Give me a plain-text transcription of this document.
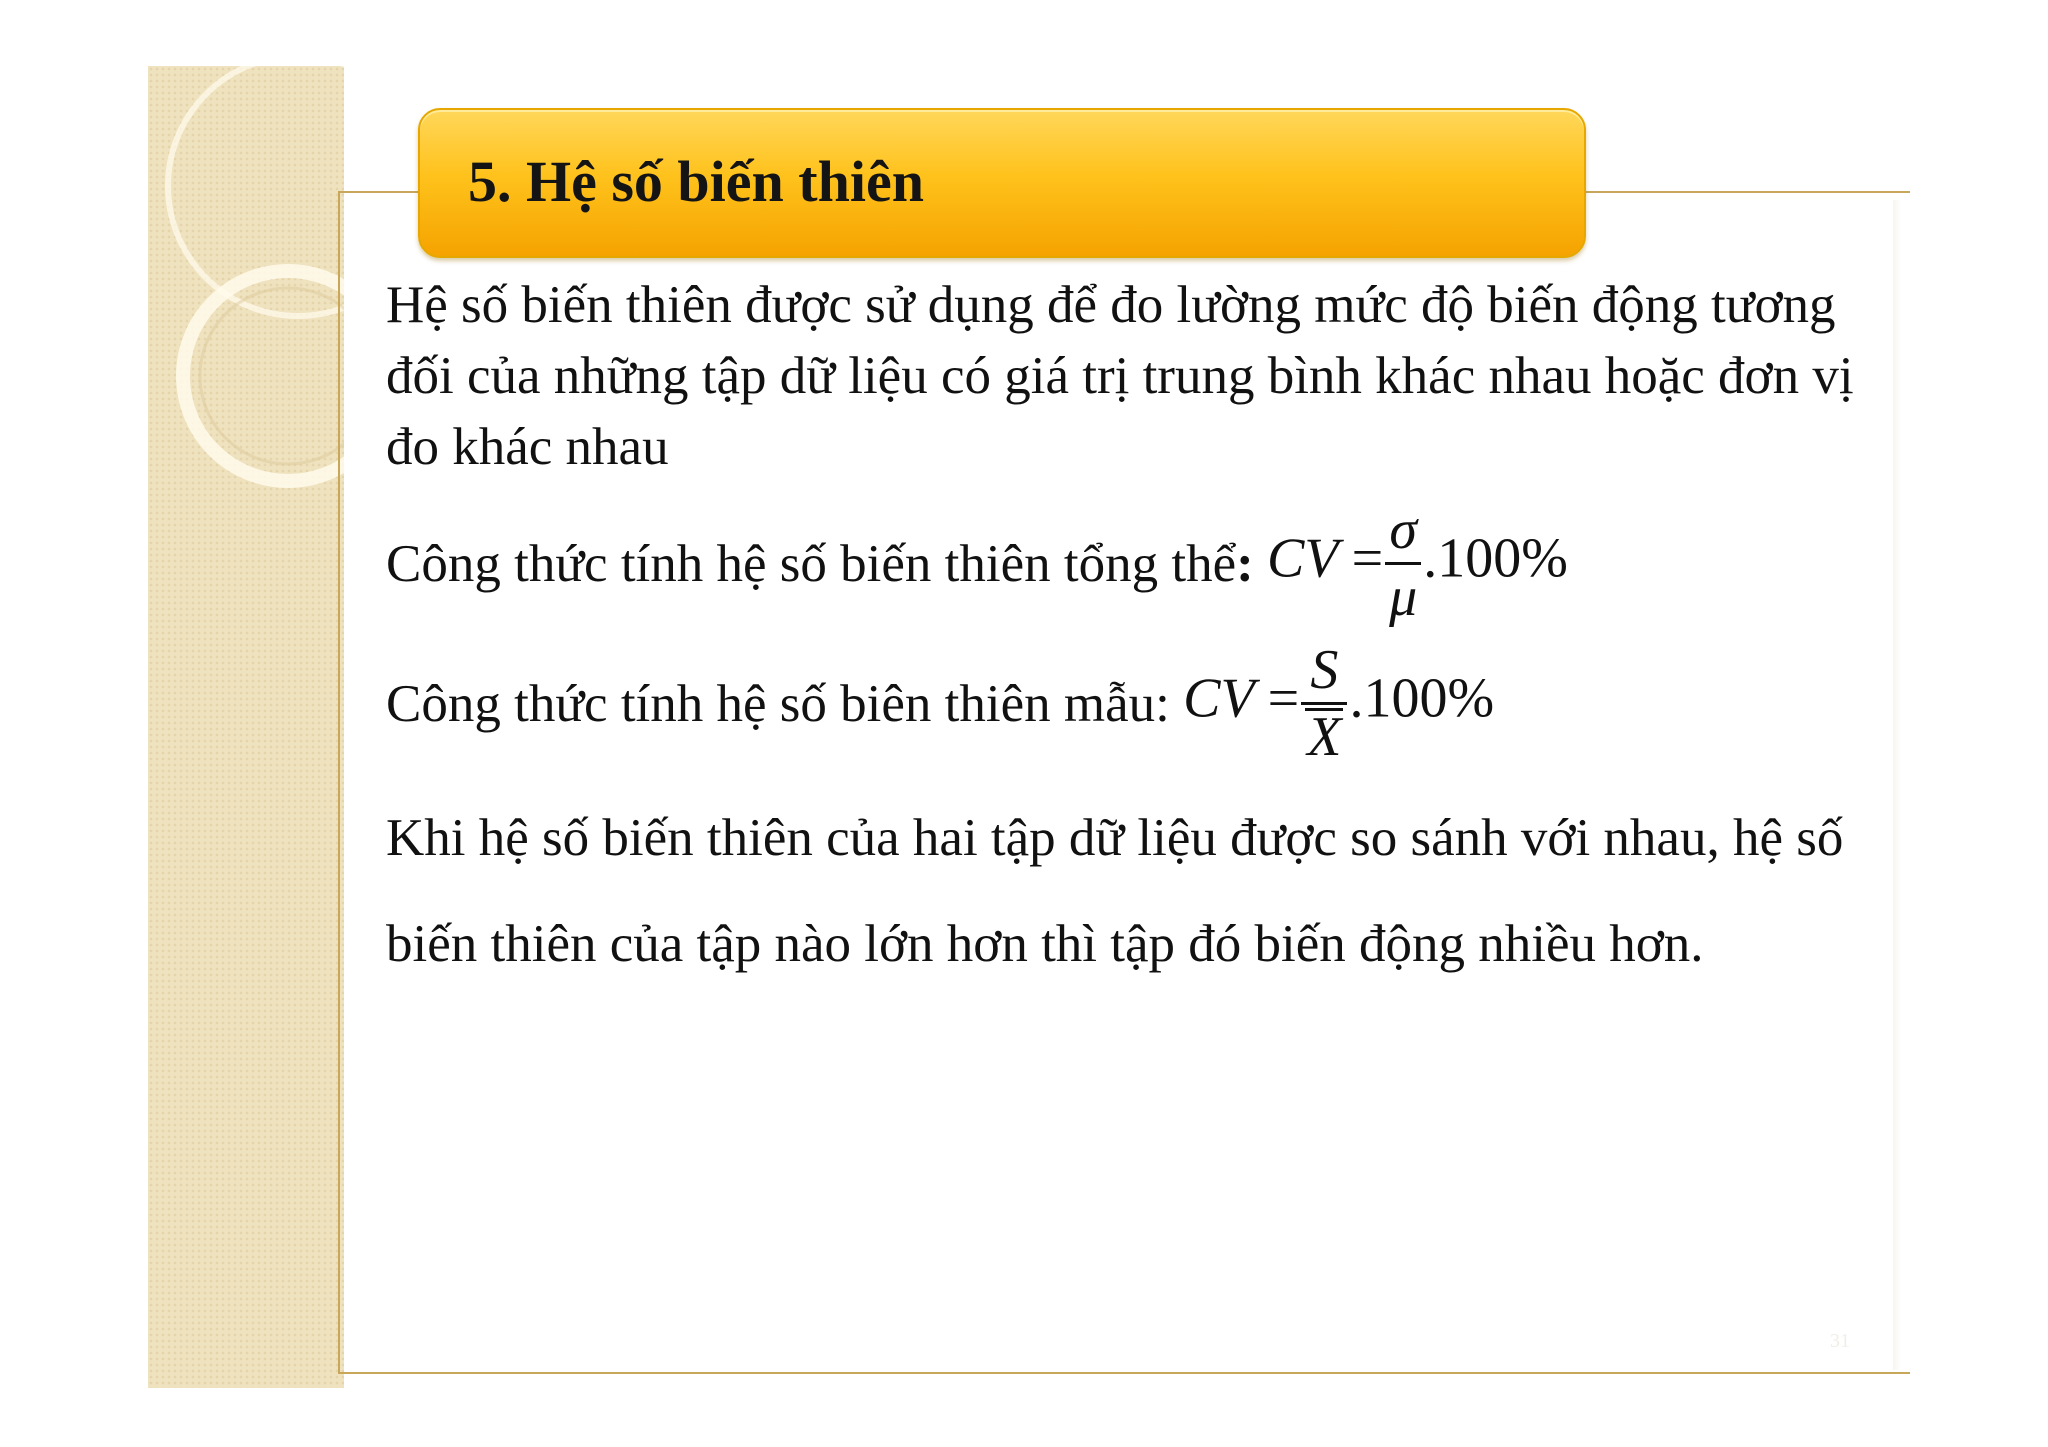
5. Hệ số biến thiên

Hệ số biến thiên được sử dụng để đo lường mức độ biến động tương đối của những tập dữ liệu có giá trị trung bình khác nhau hoặc đơn vị đo khác nhau

Công thức tính hệ số biến thiên tổng thể: CV = $\frac{\sigma}{\mu} .100\%$
Công thức tính hệ số biên thiên mẫu: CV = $\frac{S}{X} .100\%$

Khi hệ số biến thiên của hai tập dữ liệu được so sánh với nhau, hệ số biến thiên của tập nào lớn hơn thì tập đó biến động nhiều hơn.

31
